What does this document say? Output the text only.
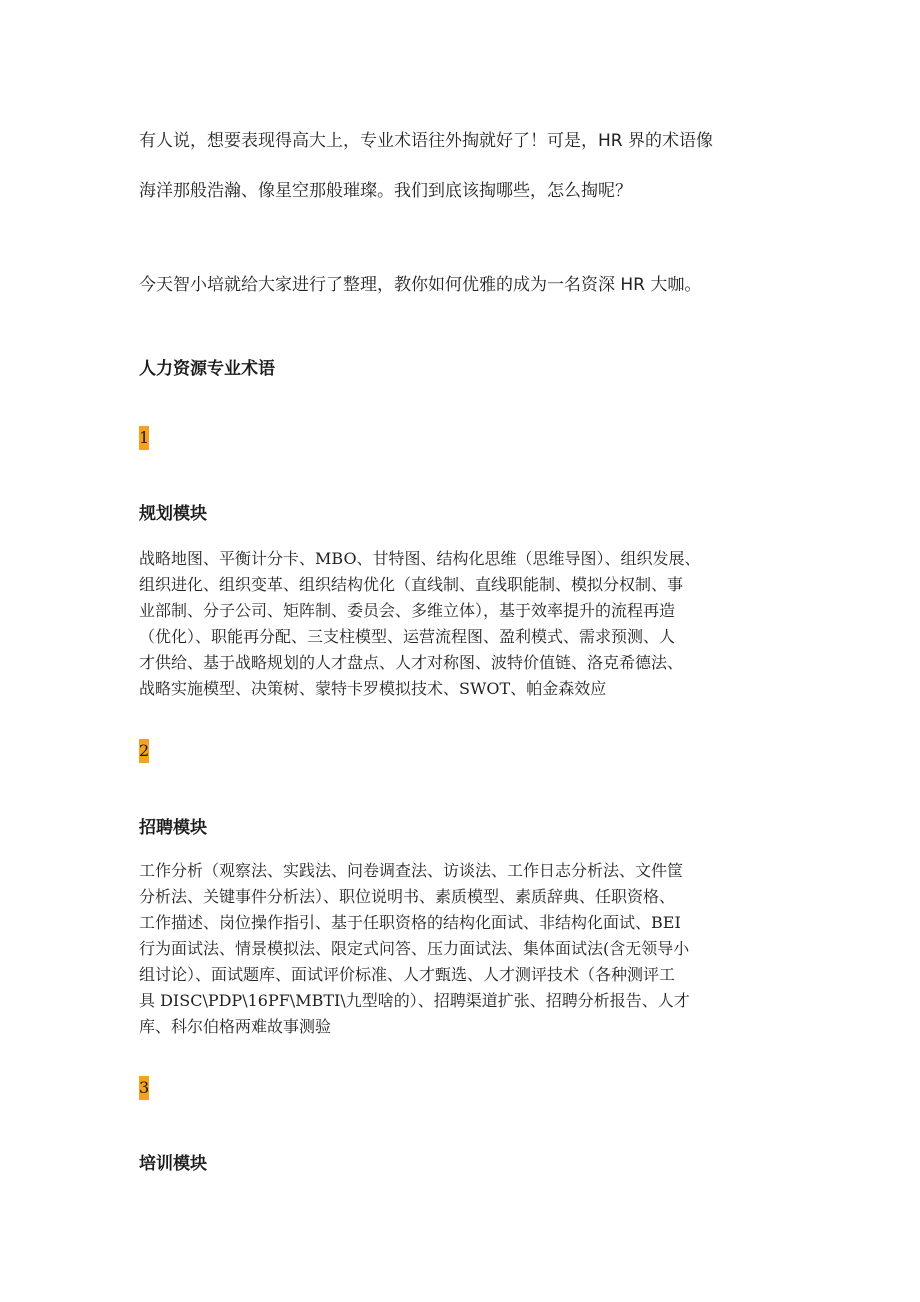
有人说，想要表现得高大上，专业术语往外掏就好了！可是，HR 界的术语像

海洋那般浩瀚、像星空那般璀璨。我们到底该掏哪些，怎么掏呢？

今天智小培就给大家进行了整理，教你如何优雅的成为一名资深 HR 大咖。

人力资源专业术语
1
规划模块
战略地图、平衡计分卡、MBO、甘特图、结构化思维（思维导图）、组织发展、
组织进化、组织变革、组织结构优化（直线制、直线职能制、模拟分权制、事
业部制、分子公司、矩阵制、委员会、多维立体），基于效率提升的流程再造
（优化）、职能再分配、三支柱模型、运营流程图、盈利模式、需求预测、人
才供给、基于战略规划的人才盘点、人才对称图、波特价值链、洛克希德法、
战略实施模型、决策树、蒙特卡罗模拟技术、SWOT、帕金森效应
2
招聘模块
工作分析（观察法、实践法、问卷调查法、访谈法、工作日志分析法、文件筐
分析法、关键事件分析法）、职位说明书、素质模型、素质辞典、任职资格、
工作描述、岗位操作指引、基于任职资格的结构化面试、非结构化面试、BEI
行为面试法、情景模拟法、限定式问答、压力面试法、集体面试法(含无领导小
组讨论）、面试题库、面试评价标准、人才甄选、人才测评技术（各种测评工
具 DISC\PDP\16PF\MBTI\九型啥的）、招聘渠道扩张、招聘分析报告、人才
库、科尔伯格两难故事测验
3
培训模块
